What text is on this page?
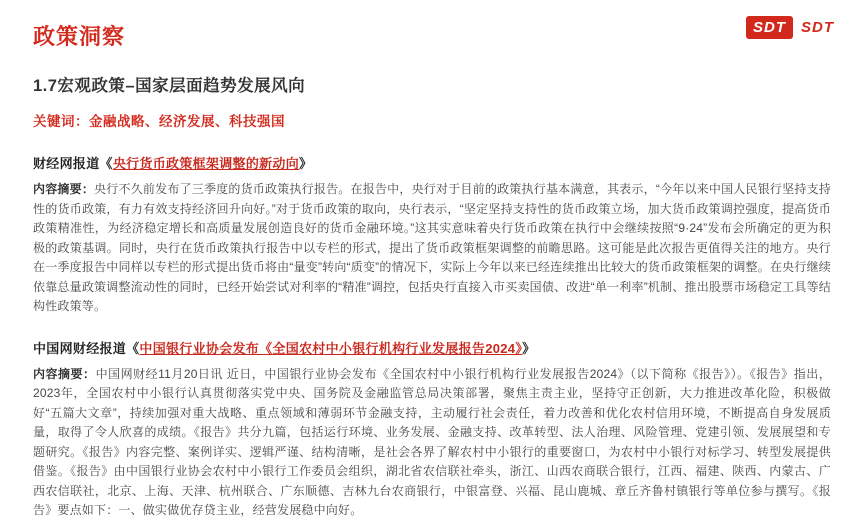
政策洞察	SDT	SDT
1.7宏观政策–国家层面趋势发展风向
关键词：金融战略、经济发展、科技强国
财经网报道《央行货币政策框架调整的新动向》

内容摘要：央行不久前发布了三季度的货币政策执行报告。在报告中，央行对于目前的政策执行基本满意，其表示，“今年以来中国人民银行坚持支持性的货币政策，有力有效支持经济回升向好。”对于货币政策的取向，央行表示，“坚定坚持支持性的货币政策立场，加大货币政策调控强度，提高货币政策精准性，为经济稳定增长和高质量发展创造良好的货币金融环境。”这其实意味着央行货币政策在执行中会继续按照“9·24”发布会所确定的更为积极的政策基调。同时，央行在货币政策执行报告中以专栏的形式，提出了货币政策框架调整的前瞻思路。这可能是此次报告更值得关注的地方。央行在一季度报告中同样以专栏的形式提出货币将由“量变”转向“质变”的情况下，实际上今年以来已经连续推出比较大的货币政策框架的调整。在央行继续依靠总量政策调整流动性的同时，已经开始尝试对利率的“精准”调控，包括央行直接入市买卖国债、改进“单一利率”机制、推出股票市场稳定工具等结构性政策等。

中国网财经报道《中国银行业协会发布《全国农村中小银行机构行业发展报告2024》》

内容摘要：中国网财经11月20日讯 近日，中国银行业协会发布《全国农村中小银行机构行业发展报告2024》（以下简称《报告》）。《报告》指出，2023年，全国农村中小银行认真贯彻落实党中央、国务院及金融监管总局决策部署，聚焦主责主业，坚持守正创新，大力推进改革化险，积极做好“五篇大文章”，持续加强对重大战略、重点领域和薄弱环节金融支持，主动履行社会责任，着力改善和优化农村信用环境，不断提高自身发展质量，取得了令人欣喜的成绩。《报告》共分九篇，包括运行环境、业务发展、金融支持、改革转型、法人治理、风险管理、党建引领、发展展望和专题研究。《报告》内容完整、案例详实、逻辑严谨、结构清晰，是社会各界了解农村中小银行的重要窗口，为农村中小银行对标学习、转型发展提供借鉴。《报告》由中国银行业协会农村中小银行工作委员会组织，湖北省农信联社牵头，浙江、山西农商联合银行，江西、福建、陕西、内蒙古、广西农信联社，北京、上海、天津、杭州联合、广东顺德、吉林九台农商银行，中银富登、兴福、昆山鹿城、章丘齐鲁村镇银行等单位参与撰写。《报告》要点如下：一、做实做优存贷主业，经营发展稳中向好。
